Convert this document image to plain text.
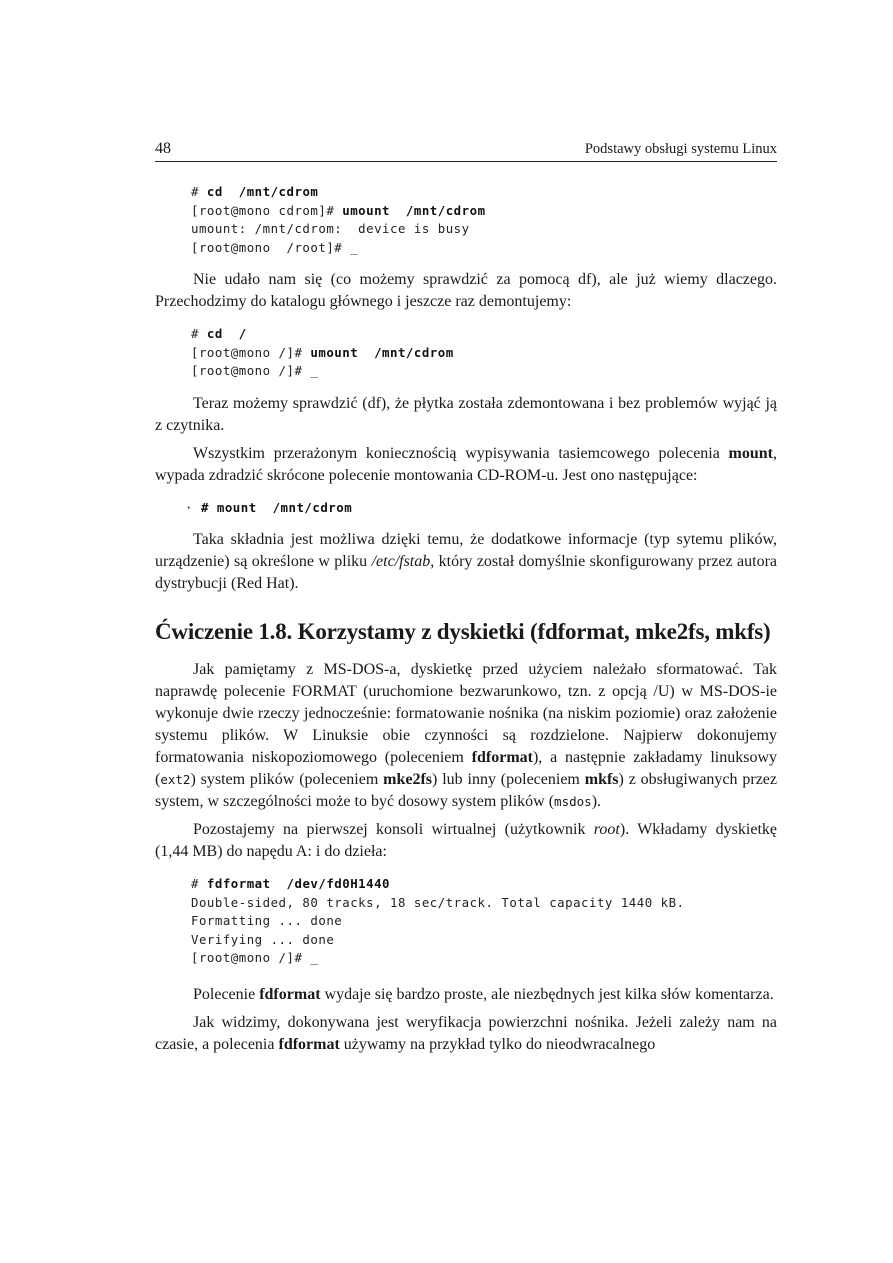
48	Podstawy obsługi systemu Linux
# cd  /mnt/cdrom
[root@mono cdrom]# umount  /mnt/cdrom
umount: /mnt/cdrom:  device is busy
[root@mono  /root]# _

Nie udało nam się (co możemy sprawdzić za pomocą df), ale już wiemy dlaczego. Przechodzimy do katalogu głównego i jeszcze raz demontujemy:

# cd  /
[root@mono /]# umount  /mnt/cdrom
[root@mono /]# _

Teraz możemy sprawdzić (df), że płytka została zdemontowana i bez problemów wyjąć ją z czytnika.

Wszystkim przerażonym koniecznością wypisywania tasiemcowego polecenia mount, wypada zdradzić skrócone polecenie montowania CD-ROM-u. Jest ono następujące:

· # mount  /mnt/cdrom

Taka składnia jest możliwa dzięki temu, że dodatkowe informacje (typ sytemu plików, urządzenie) są określone w pliku /etc/fstab, który został domyślnie skonfigurowany przez autora dystrybucji (Red Hat).

Ćwiczenie 1.8. Korzystamy z dyskietki (fdformat, mke2fs, mkfs)

Jak pamiętamy z MS-DOS-a, dyskietkę przed użyciem należało sformatować. Tak naprawdę polecenie FORMAT (uruchomione bezwarunkowo, tzn. z opcją /U) w MS-DOS-ie wykonuje dwie rzeczy jednocześnie: formatowanie nośnika (na niskim poziomie) oraz założenie systemu plików. W Linuksie obie czynności są rozdzielone. Najpierw dokonujemy formatowania niskopoziomowego (poleceniem fdformat), a następnie zakładamy linuksowy (ext2) system plików (poleceniem mke2fs) lub inny (poleceniem mkfs) z obsługiwanych przez system, w szczególności może to być dosowy system plików (msdos).

Pozostajemy na pierwszej konsoli wirtualnej (użytkownik root). Wkładamy dyskietkę (1,44 MB) do napędu A: i do dzieła:

# fdformat  /dev/fd0H1440
Double-sided, 80 tracks, 18 sec/track. Total capacity 1440 kB.
Formatting ... done
Verifying ... done
[root@mono /]# _

Polecenie fdformat wydaje się bardzo proste, ale niezbędnych jest kilka słów komentarza.

Jak widzimy, dokonywana jest weryfikacja powierzchni nośnika. Jeżeli zależy nam na czasie, a polecenia fdformat używamy na przykład tylko do nieodwracalnego
